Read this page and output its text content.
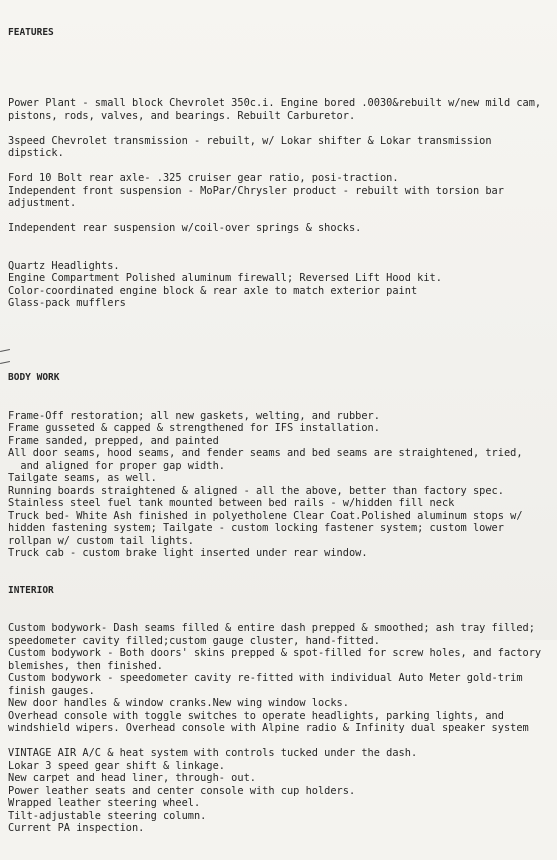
FEATURES

Power Plant - small block Chevrolet 350c.i. Engine bored .0030&rebuilt w/new mild cam,
pistons, rods, valves, and bearings. Rebuilt Carburetor.
3speed Chevrolet transmission - rebuilt, w/ Lokar shifter & Lokar transmission
dipstick.
Ford 10 Bolt rear axle- .325 cruiser gear ratio, posi-traction.
Independent front suspension - MoPar/Chrysler product - rebuilt with torsion bar
adjustment.
Independent rear suspension w/coil-over springs & shocks.
Quartz Headlights.
Engine Compartment Polished aluminum firewall; Reversed Lift Hood kit.
Color-coordinated engine block & rear axle to match exterior paint
Glass-pack mufflers

BODY WORK

Frame-Off restoration; all new gaskets, welting, and rubber.
Frame gusseted & capped & strengthened for IFS installation.
Frame sanded, prepped, and painted
All door seams, hood seams, and fender seams and bed seams are straightened, tried,
and aligned for proper gap width.
Tailgate seams, as well.
Running boards straightened & aligned - all the above, better than factory spec.
Stainless steel fuel tank mounted between bed rails - w/hidden fill neck
Truck bed- White Ash finished in polyetholene Clear Coat.Polished aluminum stops w/
hidden fastening system; Tailgate - custom locking fastener system; custom lower
rollpan w/ custom tail lights.
Truck cab - custom brake light inserted under rear window.

INTERIOR

Custom bodywork- Dash seams filled & entire dash prepped & smoothed; ash tray filled;
speedometer cavity filled;custom gauge cluster, hand-fitted.
Custom bodywork - Both doors' skins prepped & spot-filled for screw holes, and factory
blemishes, then finished.
Custom bodywork - speedometer cavity re-fitted with individual Auto Meter gold-trim
finish gauges.
New door handles & window cranks.New wing window locks.
Overhead console with toggle switches to operate headlights, parking lights, and
windshield wipers. Overhead console with Alpine radio & Infinity dual speaker system
VINTAGE AIR A/C & heat system with controls tucked under the dash.
Lokar 3 speed gear shift & linkage.
New carpet and head liner, through- out.
Power leather seats and center console with cup holders.
Wrapped leather steering wheel.
Tilt-adjustable steering column.
Current PA inspection.
